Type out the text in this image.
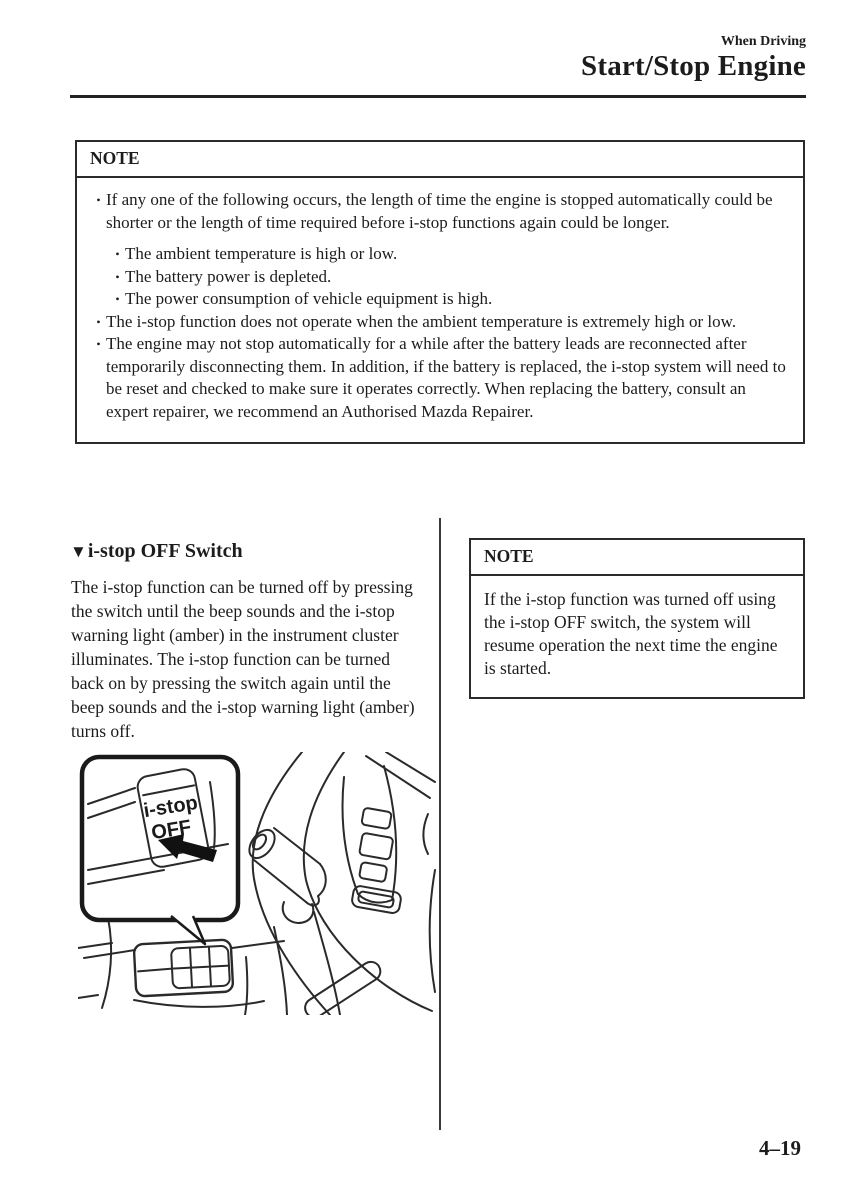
When Driving
Start/Stop Engine
NOTE
• If any one of the following occurs, the length of time the engine is stopped automatically could be shorter or the length of time required before i-stop functions again could be longer.
• The ambient temperature is high or low.
• The battery power is depleted.
• The power consumption of vehicle equipment is high.
• The i-stop function does not operate when the ambient temperature is extremely high or low.
• The engine may not stop automatically for a while after the battery leads are reconnected after temporarily disconnecting them. In addition, if the battery is replaced, the i-stop system will need to be reset and checked to make sure it operates correctly. When replacing the battery, consult an expert repairer, we recommend an Authorised Mazda Repairer.
▼i-stop OFF Switch

The i-stop function can be turned off by pressing the switch until the beep sounds and the i-stop warning light (amber) in the instrument cluster illuminates. The i-stop function can be turned back on by pressing the switch again until the beep sounds and the i-stop warning light (amber) turns off.

NOTE
If the i-stop function was turned off using the i-stop OFF switch, the system will resume operation the next time the engine is started.
i-stop
OFF
4–19
